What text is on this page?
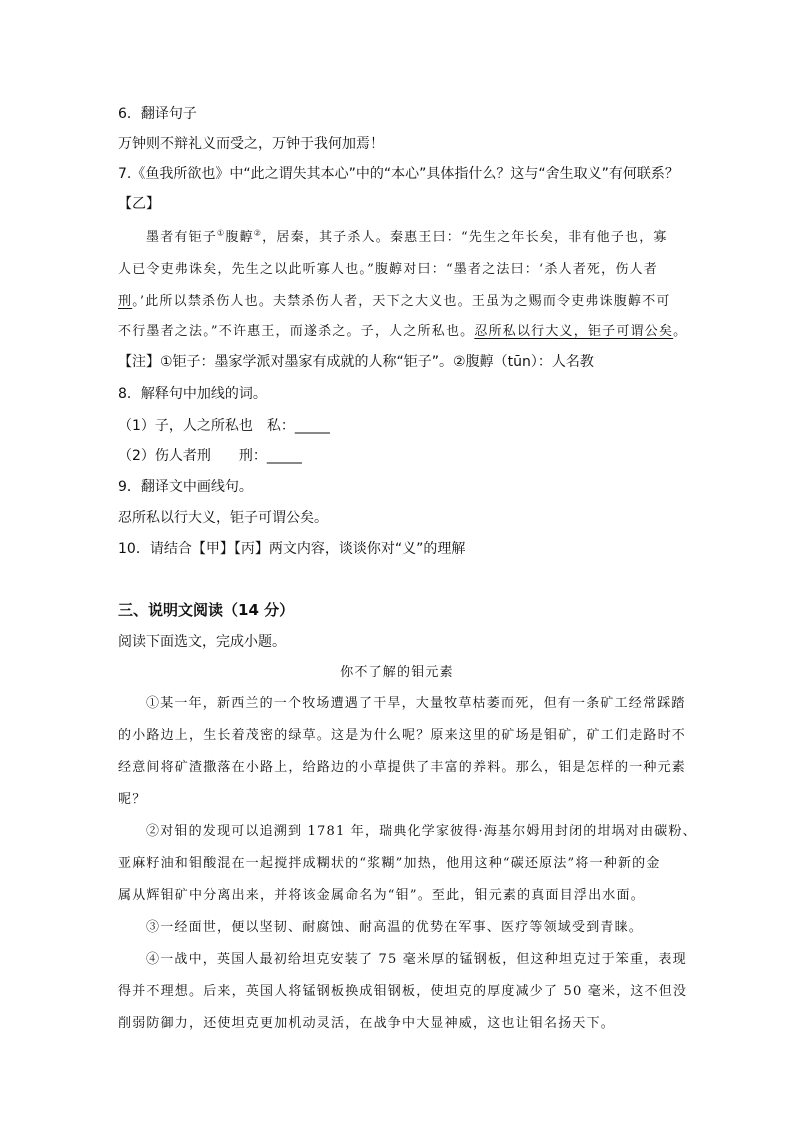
6．翻译句子
万钟则不辩礼义而受之，万钟于我何加焉！
7.《鱼我所欲也》中“此之谓失其本心”中的“本心”具体指什么？这与“舍生取义”有何联系？
【乙】
墨者有钜子①腹䵍②，居秦，其子杀人。秦惠王曰：“先生之年长矣，非有他子也，寡
人已令吏弗诛矣，先生之以此听寡人也。”腹䵍对曰：“墨者之法曰：‘杀人者死，伤人者
刑。’此所以禁杀伤人也。夫禁杀伤人者，天下之大义也。王虽为之赐而令吏弗诛腹䵍不可
不行墨者之法。”不许惠王，而遂杀之。子，人之所私也。忍所私以行大义，钜子可谓公矣。
【注】①钜子：墨家学派对墨家有成就的人称“钜子”。②腹䵍（tūn）：人名教
8．解释句中加线的词。
（1）子，人之所私也　私：_____
（2）伤人者刑　　刑：_____
9．翻译文中画线句。
忍所私以行大义，钜子可谓公矣。
10．请结合【甲】【丙】两文内容，谈谈你对“义”的理解
三、说明文阅读（14 分）
阅读下面选文，完成小题。
你不了解的钼元素
①某一年，新西兰的一个牧场遭遇了干旱，大量牧草枯萎而死，但有一条矿工经常踩踏
的小路边上，生长着茂密的绿草。这是为什么呢？原来这里的矿场是钼矿，矿工们走路时不
经意间将矿渣撒落在小路上，给路边的小草提供了丰富的养料。那么，钼是怎样的一种元素
呢？
②对钼的发现可以追溯到 1781 年，瑞典化学家彼得·海基尔姆用封闭的坩埚对由碳粉、
亚麻籽油和钼酸混在一起搅拌成糊状的“浆糊”加热，他用这种“碳还原法”将一种新的金
属从辉钼矿中分离出来，并将该金属命名为“钼”。至此，钼元素的真面目浮出水面。
③一经面世，便以坚韧、耐腐蚀、耐高温的优势在军事、医疗等领域受到青睐。
④一战中，英国人最初给坦克安装了 75 毫米厚的锰钢板，但这种坦克过于笨重，表现
得并不理想。后来，英国人将锰钢板换成钼钢板，使坦克的厚度减少了 50 毫米，这不但没
削弱防御力，还使坦克更加机动灵活，在战争中大显神威，这也让钼名扬天下。
